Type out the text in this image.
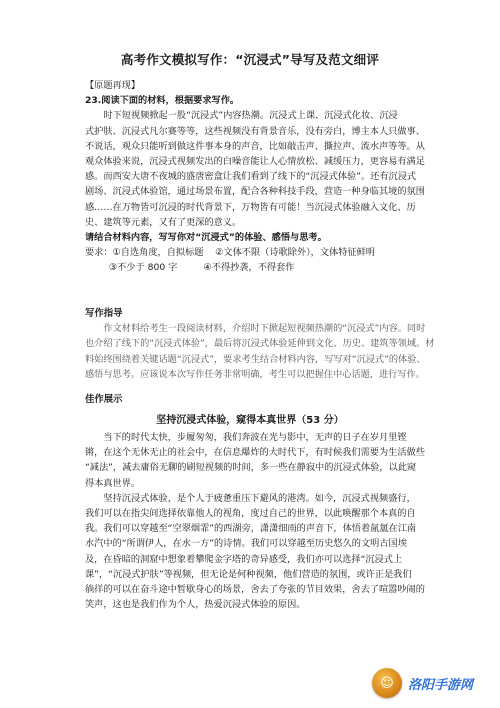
高考作文模拟写作：“沉浸式”导写及范文细评

【原题再现】

23.阅读下面的材料，根据要求写作。

时下短视频掀起一股“沉浸式”内容热潮。沉浸式上课、沉浸式化妆、沉浸

式护肤、沉浸式凡尔赛等等，这些视频没有背景音乐，没有旁白，博主本人只做事、

不说话，观众只能听到做这件事本身的声音，比如敲击声、撕拉声、流水声等等。从

观众体验来说，沉浸式视频发出的白噪音能让人心情放松、减缓压力，更容易有满足

感。而西安大唐不夜城的盛唐密盒让我们看到了线下的“沉浸式体验”。还有沉浸式

剧场、沉浸式体验馆，通过场景布置，配合各种科技手段，营造一种身临其境的氛围

感……在万物皆可沉浸的时代背景下，万物皆有可能！当沉浸式体验融入文化、历

史、建筑等元素，又有了更深的意义。

请结合材料内容，写写你对“沉浸式”的体验、感悟与思考。

要求：①自选角度，自拟标题    ②文体不限（诗歌除外），文体特征鲜明

③不少于 800 字         ④不得抄袭，不得套作

写作指导

作文材料给考生一段阅读材料，介绍时下掀起短视频热潮的“沉浸式”内容。同时

也介绍了线下的“沉浸式体验”，最后将沉浸式体验延伸到文化、历史、建筑等领域。材

料始终围绕着关键话题“沉浸式”，要求考生结合材料内容，写写对“沉浸式”的体验、

感悟与思考。应该说本次写作任务非常明确，考生可以把握住中心话题，进行写作。

佳作展示

坚持沉浸式体验，窥得本真世界（53 分）

当下的时代太快，步履匆匆，我们奔波在光与影中，无声的日子在岁月里铿

锵，在这个无休无止的社会中，在信息爆炸的大时代下，有时候我们需要为生活做些

“减法”，减去庸俗无聊的刷短视频的时间，多一些在静寂中的沉浸式体验，以此窥

得本真世界。

坚持沉浸式体验，是个人于疲惫重压下避风的港湾。如今，沉浸式视频盛行，

我们可以在指尖间选择依靠他人的视角，度过自己的世界，以此唤醒那个本真的自

我。我们可以穿越至“空翠烟霏”的西湖旁，潇潇细雨的声音下，体悟着氤氲在江南

水汽中的“所谓伊人，在水一方”的诗情。我们可以穿越至历史悠久的文明古国埃

及，在昏暗的洞窟中想象着攀爬金字塔的奇异感受，我们亦可以选择“沉浸式上

课”，“沉浸式护肤”等视频，但无论是何种视频，他们营造的氛围，或许正是我们

徜徉的可以在奋斗途中暂歇身心的场景，舍去了夸张的节目效果，舍去了喧嚣吵闹的

笑声，这也是我们作为个人，热爱沉浸式体验的原因。

☺	洛阳手游网
